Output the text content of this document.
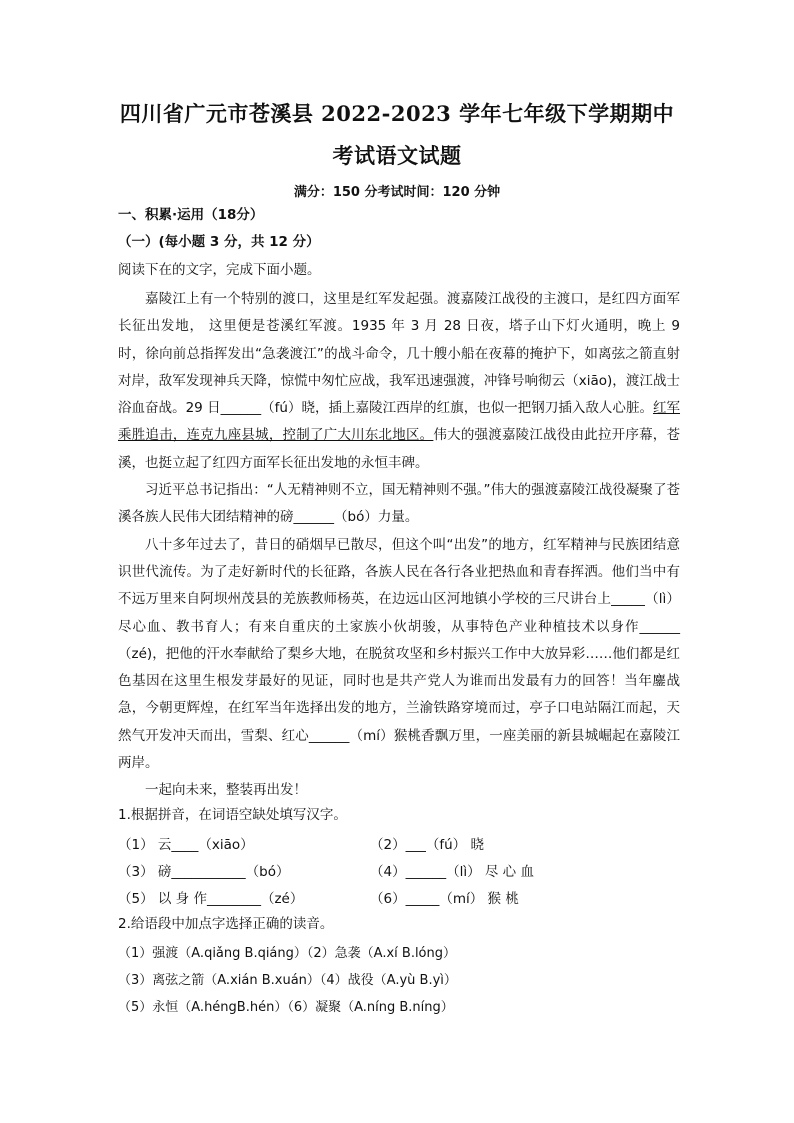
四川省广元市苍溪县 2022-2023 学年七年级下学期期中
考试语文试题
满分：150 分考试时间：120 分钟
一、积累·运用（18分）
（一）(每小题 3 分，共 12 分）
阅读下在的文字，完成下面小题。

嘉陵江上有一个特别的渡口，这里是红军发起强。渡嘉陵江战役的主渡口，是红四方面军长征出发地， 这里便是苍溪红军渡。1935 年 3 月 28 日夜，塔子山下灯火通明，晚上 9 时，徐向前总指挥发出“急袭渡江”的战斗命令，几十艘小船在夜幕的掩护下，如离弦之箭直射对岸，敌军发现神兵天降，惊慌中匆忙应战，我军迅速强渡，冲锋号响彻云（xiāo)，渡江战士浴血奋战。29 日______（fú）晓，插上嘉陵江西岸的红旗，也似一把钢刀插入敌人心脏。红军乘胜追击，连克九座县城，控制了广大川东北地区。伟大的强渡嘉陵江战役由此拉开序幕，苍溪，也挺立起了红四方面军长征出发地的永恒丰碑。

习近平总书记指出：“人无精神则不立，国无精神则不强。”伟大的强渡嘉陵江战役凝聚了苍溪各族人民伟大团结精神的磅______（bó）力量。

八十多年过去了，昔日的硝烟早已散尽，但这个叫“出发”的地方，红军精神与民族团结意识世代流传。为了走好新时代的长征路，各族人民在各行各业把热血和青春挥洒。他们当中有不远万里来自阿坝州茂县的羌族教师杨英，在边远山区河地镇小学校的三尺讲台上_____（lì）尽心血、教书育人；有来自重庆的土家族小伙胡骏，从事特色产业种植技术以身作______（zé)，把他的汗水奉献给了梨乡大地，在脱贫攻坚和乡村振兴工作中大放异彩……他们都是红色基因在这里生根发芽最好的见证，同时也是共产党人为谁而出发最有力的回答！当年鏖战急，今朝更辉煌，在红军当年选择出发的地方，兰渝铁路穿境而过，亭子口电站隔江而起，天然气开发冲天而出，雪梨、红心______（mí）猴桃香飘万里，一座美丽的新县城崛起在嘉陵江两岸。

一起向未来，整装再出发！

1.根据拼音，在词语空缺处填写汉字。
（1） 云____（xiāo）	（2）___（fú） 晓
（3） 磅___________（bó）	（4）______（lì） 尽 心 血
（5） 以 身 作________（zé）	（6）_____（mí） 猴 桃
2.给语段中加点字选择正确的读音。
（1）强渡（A.qiǎng B.qiáng）（2）急袭（A.xí B.lóng）
（3）离弦之箭（A.xián B.xuán）（4）战役（A.yù B.yì）
（5）永恒（A.héngB.hén）（6）凝聚（A.níng B.níng）
